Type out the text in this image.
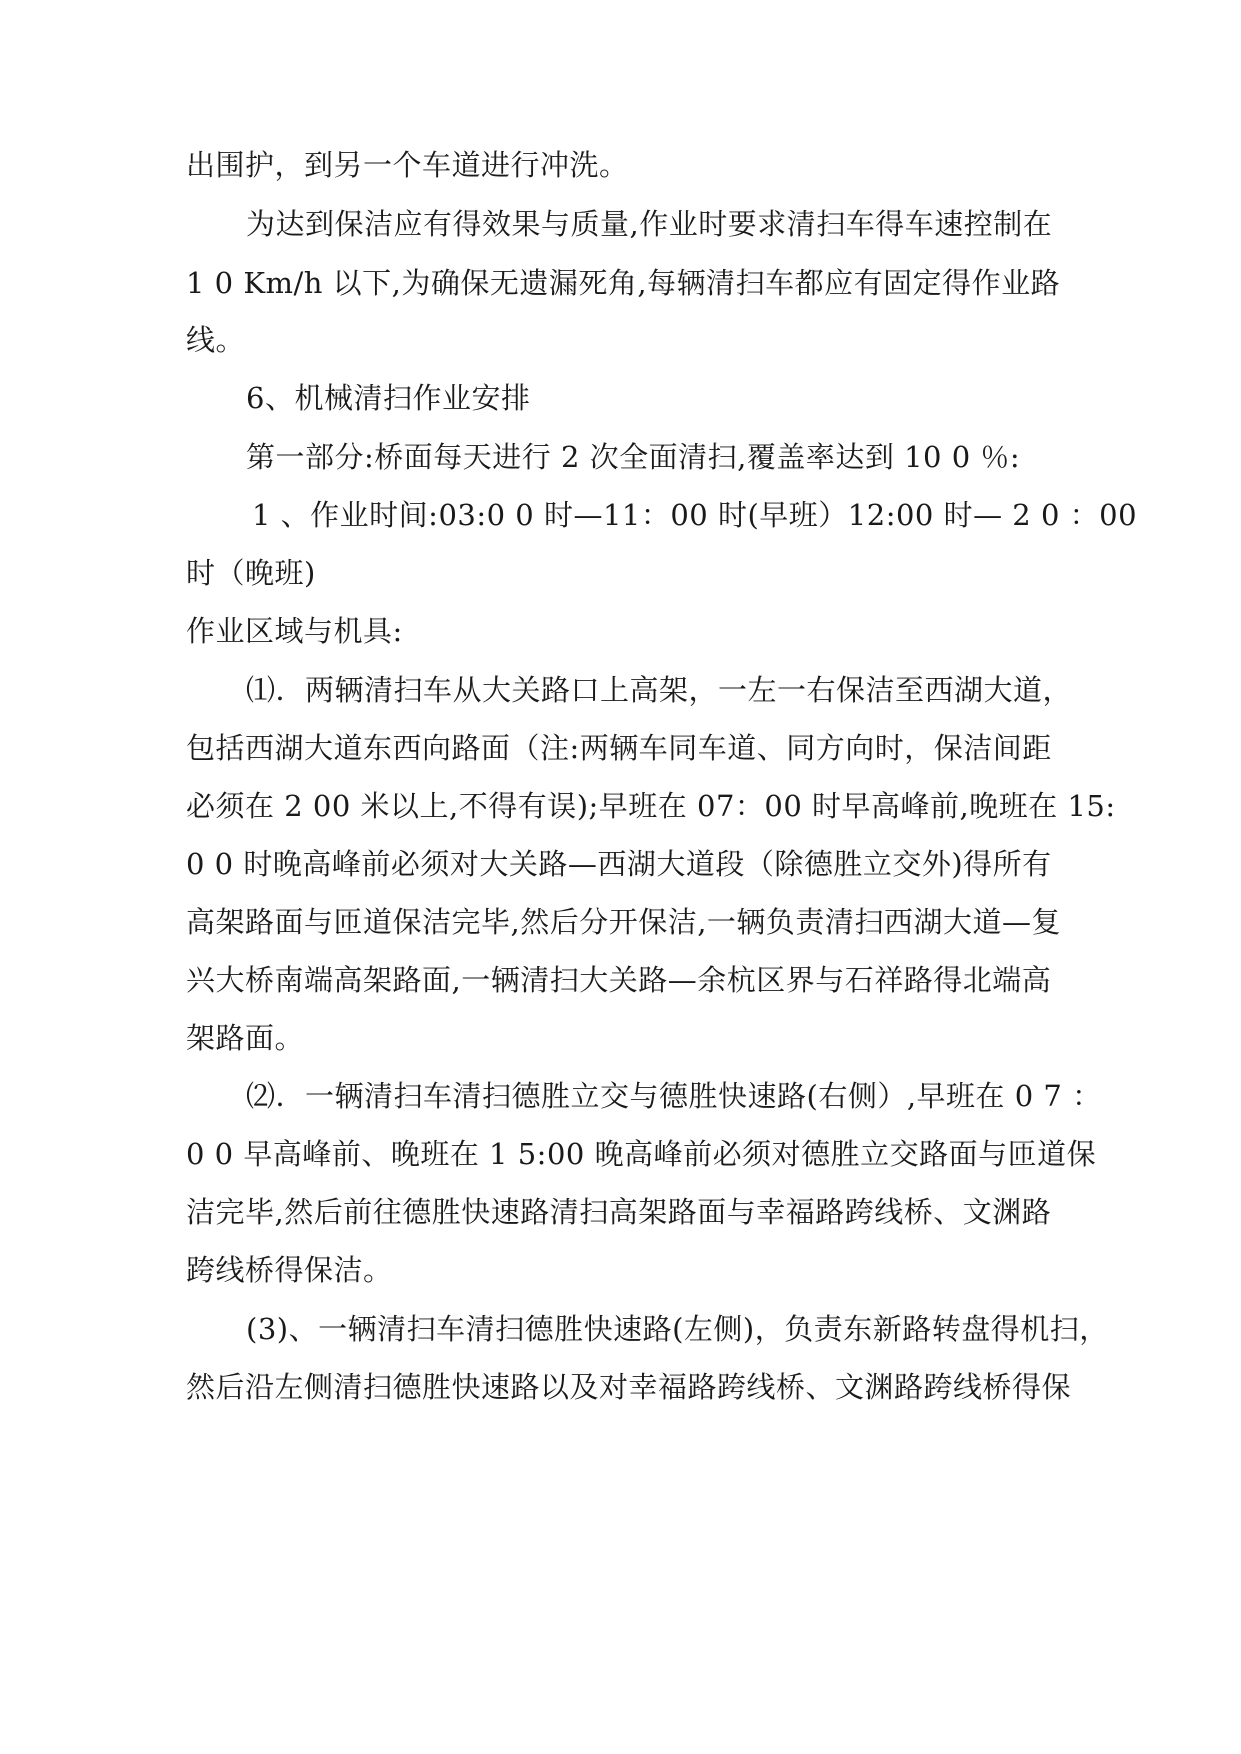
出围护，到另一个车道进行冲洗。
为达到保洁应有得效果与质量,作业时要求清扫车得车速控制在
1 0 Km/h 以下,为确保无遗漏死角,每辆清扫车都应有固定得作业路
线。
6、机械清扫作业安排
第一部分:桥面每天进行 2 次全面清扫,覆盖率达到 10 0 ％:
1 、作业时间:03:0 0 时—11：00 时(早班） 12:00 时— 2 0 ：00
时（晚班)
作业区域与机具:
⑴．两辆清扫车从大关路口上高架，一左一右保洁至西湖大道，
包括西湖大道东西向路面（注:两辆车同车道、同方向时，保洁间距
必须在 2 00 米以上,不得有误);早班在 07：00 时早高峰前,晚班在 15:
0 0 时晚高峰前必须对大关路—西湖大道段（除德胜立交外)得所有
高架路面与匝道保洁完毕,然后分开保洁,一辆负责清扫西湖大道—复
兴大桥南端高架路面,一辆清扫大关路—余杭区界与石祥路得北端高
架路面。
⑵．一辆清扫车清扫德胜立交与德胜快速路(右侧）,早班在 0 7 ：
0 0 早高峰前、晚班在 1 5:00 晚高峰前必须对德胜立交路面与匝道保
洁完毕,然后前往德胜快速路清扫高架路面与幸福路跨线桥、文渊路
跨线桥得保洁。
(3)、一辆清扫车清扫德胜快速路(左侧)，负责东新路转盘得机扫，
然后沿左侧清扫德胜快速路以及对幸福路跨线桥、文渊路跨线桥得保
